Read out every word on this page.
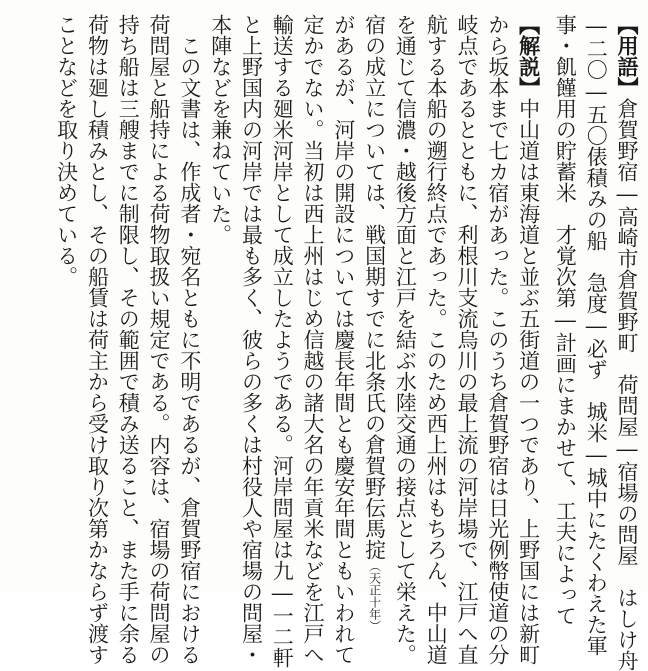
【用語】倉賀野宿―高崎市倉賀野町　荷問屋―宿場の問屋　はしけ舟
―二〇―五〇俵積みの船　急度―必ず　城米―城中にたくわえた軍
事・飢饉用の貯蓄米　才覚次第―計画にまかせて、工夫によって
【解説】中山道は東海道と並ぶ五街道の一つであり、上野国には新町
から坂本まで七カ宿があった。このうち倉賀野宿は日光例幣使道の分
岐点であるとともに、利根川支流烏川の最上流の河岸場で、江戸へ直
航する本船の遡行終点であった。このため西上州はもちろん、中山道
を通じて信濃・越後方面と江戸を結ぶ水陸交通の接点として栄えた。
宿の成立については、戦国期すでに北条氏の倉賀野伝馬掟（天正十年）
があるが、河岸の開設については慶長年間とも慶安年間ともいわれて
定かでない。当初は西上州はじめ信越の諸大名の年貢米などを江戸へ
輸送する廻米河岸として成立したようである。河岸問屋は九―一二軒
と上野国内の河岸では最も多く、彼らの多くは村役人や宿場の問屋・
本陣などを兼ねていた。
　この文書は、作成者・宛名ともに不明であるが、倉賀野宿における
荷問屋と船持による荷物取扱い規定である。内容は、宿場の荷問屋の
持ち船は三艘までに制限し、その範囲で積み送ること、また手に余る
荷物は廻し積みとし、その船賃は荷主から受け取り次第かならず渡す
ことなどを取り決めている。
